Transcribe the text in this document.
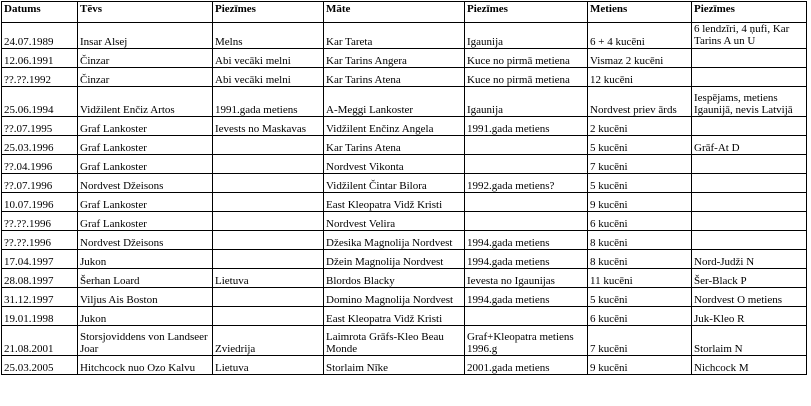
Datums	Tēvs	Piezīmes	Māte	Piezīmes	Metiens	Piezīmes
24.07.1989	Insar Alsej	Melns	Kar Tareta	Igaunija	6 + 4 kucēni	6 lendzīri, 4 ņufi, Kar Tarins A un U
12.06.1991	Činzar	Abi vecāki melni	Kar Tarins Angera	Kuce no pirmā metiena	Vismaz 2 kucēni	
??.??.1992	Činzar	Abi vecāki melni	Kar Tarins Atena	Kuce no pirmā metiena	12 kucēni	
25.06.1994	Vidžilent Enčiz Artos	1991.gada metiens	A-Meggi Lankoster	Igaunija	Nordvest priev ārds	Iespējams, metiens Igaunijā, nevis Latvijā
??.07.1995	Graf Lankoster	Ievests no Maskavas	Vidžilent Enčinz Angela	1991.gada metiens	2 kucēni	
25.03.1996	Graf Lankoster		Kar Tarins Atena		5 kucēni	Grāf-At D
??.04.1996	Graf Lankoster		Nordvest Vikonta		7 kucēni	
??.07.1996	Nordvest Džeisons		Vidžilent Čintar Bilora	1992.gada metiens?	5 kucēni	
10.07.1996	Graf Lankoster		East Kleopatra Vidž Kristi		9 kucēni	
??.??.1996	Graf Lankoster		Nordvest Velira		6 kucēni	
??.??.1996	Nordvest Džeisons		Džesika Magnolija Nordvest	1994.gada metiens	8 kucēni	
17.04.1997	Jukon		Džein Magnolija Nordvest	1994.gada metiens	8 kucēni	Nord-Judži N
28.08.1997	Šerhan Loard	Lietuva	Blordos Blacky	Ievesta no Igaunijas	11 kucēni	Šer-Black P
31.12.1997	Viljus Ais Boston		Domino Magnolija Nordvest	1994.gada metiens	5 kucēni	Nordvest O metiens
19.01.1998	Jukon		East Kleopatra Vidž Kristi		6 kucēni	Juk-Kleo R
21.08.2001	Storsjoviddens von Landseer Joar	Zviedrija	Laimrota Grāfs-Kleo Beau Monde	Graf+Kleopatra metiens 1996.g	7 kucēni	Storlaim N
25.03.2005	Hitchcock nuo Ozo Kalvu	Lietuva	Storlaim Nīke	2001.gada metiens	9 kucēni	Nichcock M
